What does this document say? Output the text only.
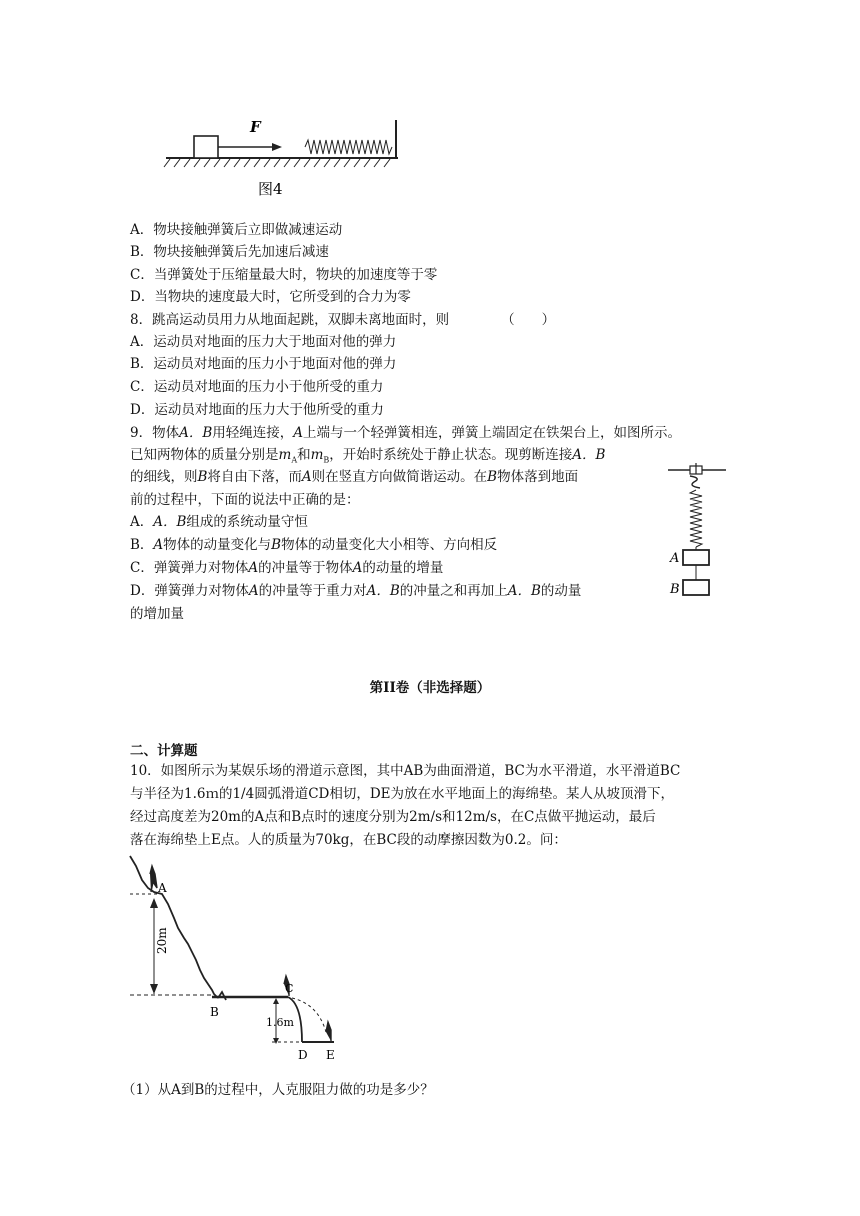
F
图4
A．物块接触弹簧后立即做减速运动
B．物块接触弹簧后先加速后减速
C．当弹簧处于压缩量最大时，物块的加速度等于零
D．当物块的速度最大时，它所受到的合力为零
8．跳高运动员用力从地面起跳，双脚未离地面时，则	（　　）
A．运动员对地面的压力大于地面对他的弹力
B．运动员对地面的压力小于地面对他的弹力
C．运动员对地面的压力小于他所受的重力
D．运动员对地面的压力大于他所受的重力
9．物体A．B用轻绳连接，A上端与一个轻弹簧相连，弹簧上端固定在铁架台上，如图所示。
已知两物体的质量分别是$m_A$和$m_B$，开始时系统处于静止状态。现剪断连接A．B
的细线，则B将自由下落，而A则在竖直方向做简谐运动。在B物体落到地面
前的过程中，下面的说法中正确的是：
A．A．B组成的系统动量守恒
B．A物体的动量变化与B物体的动量变化大小相等、方向相反
C．弹簧弹力对物体A的冲量等于物体A的动量的增量
D．弹簧弹力对物体A的冲量等于重力对A．B的冲量之和再加上A．B的动量
的增加量
A
B
第II卷（非选择题）
二、计算题
10．如图所示为某娱乐场的滑道示意图，其中AB为曲面滑道，BC为水平滑道，水平滑道BC
与半径为1.6ｍ的1/4圆弧滑道CD相切，DE为放在水平地面上的海绵垫。某人从坡顶滑下，
经过高度差为20m的A点和B点时的速度分别为2m/s和12m/s，在C点做平抛运动，最后
落在海绵垫上E点。人的质量为70kg，在BC段的动摩擦因数为0.2。问：
A
20m
B
C
1.6m
D E
（1）从A到B的过程中，人克服阻力做的功是多少？
